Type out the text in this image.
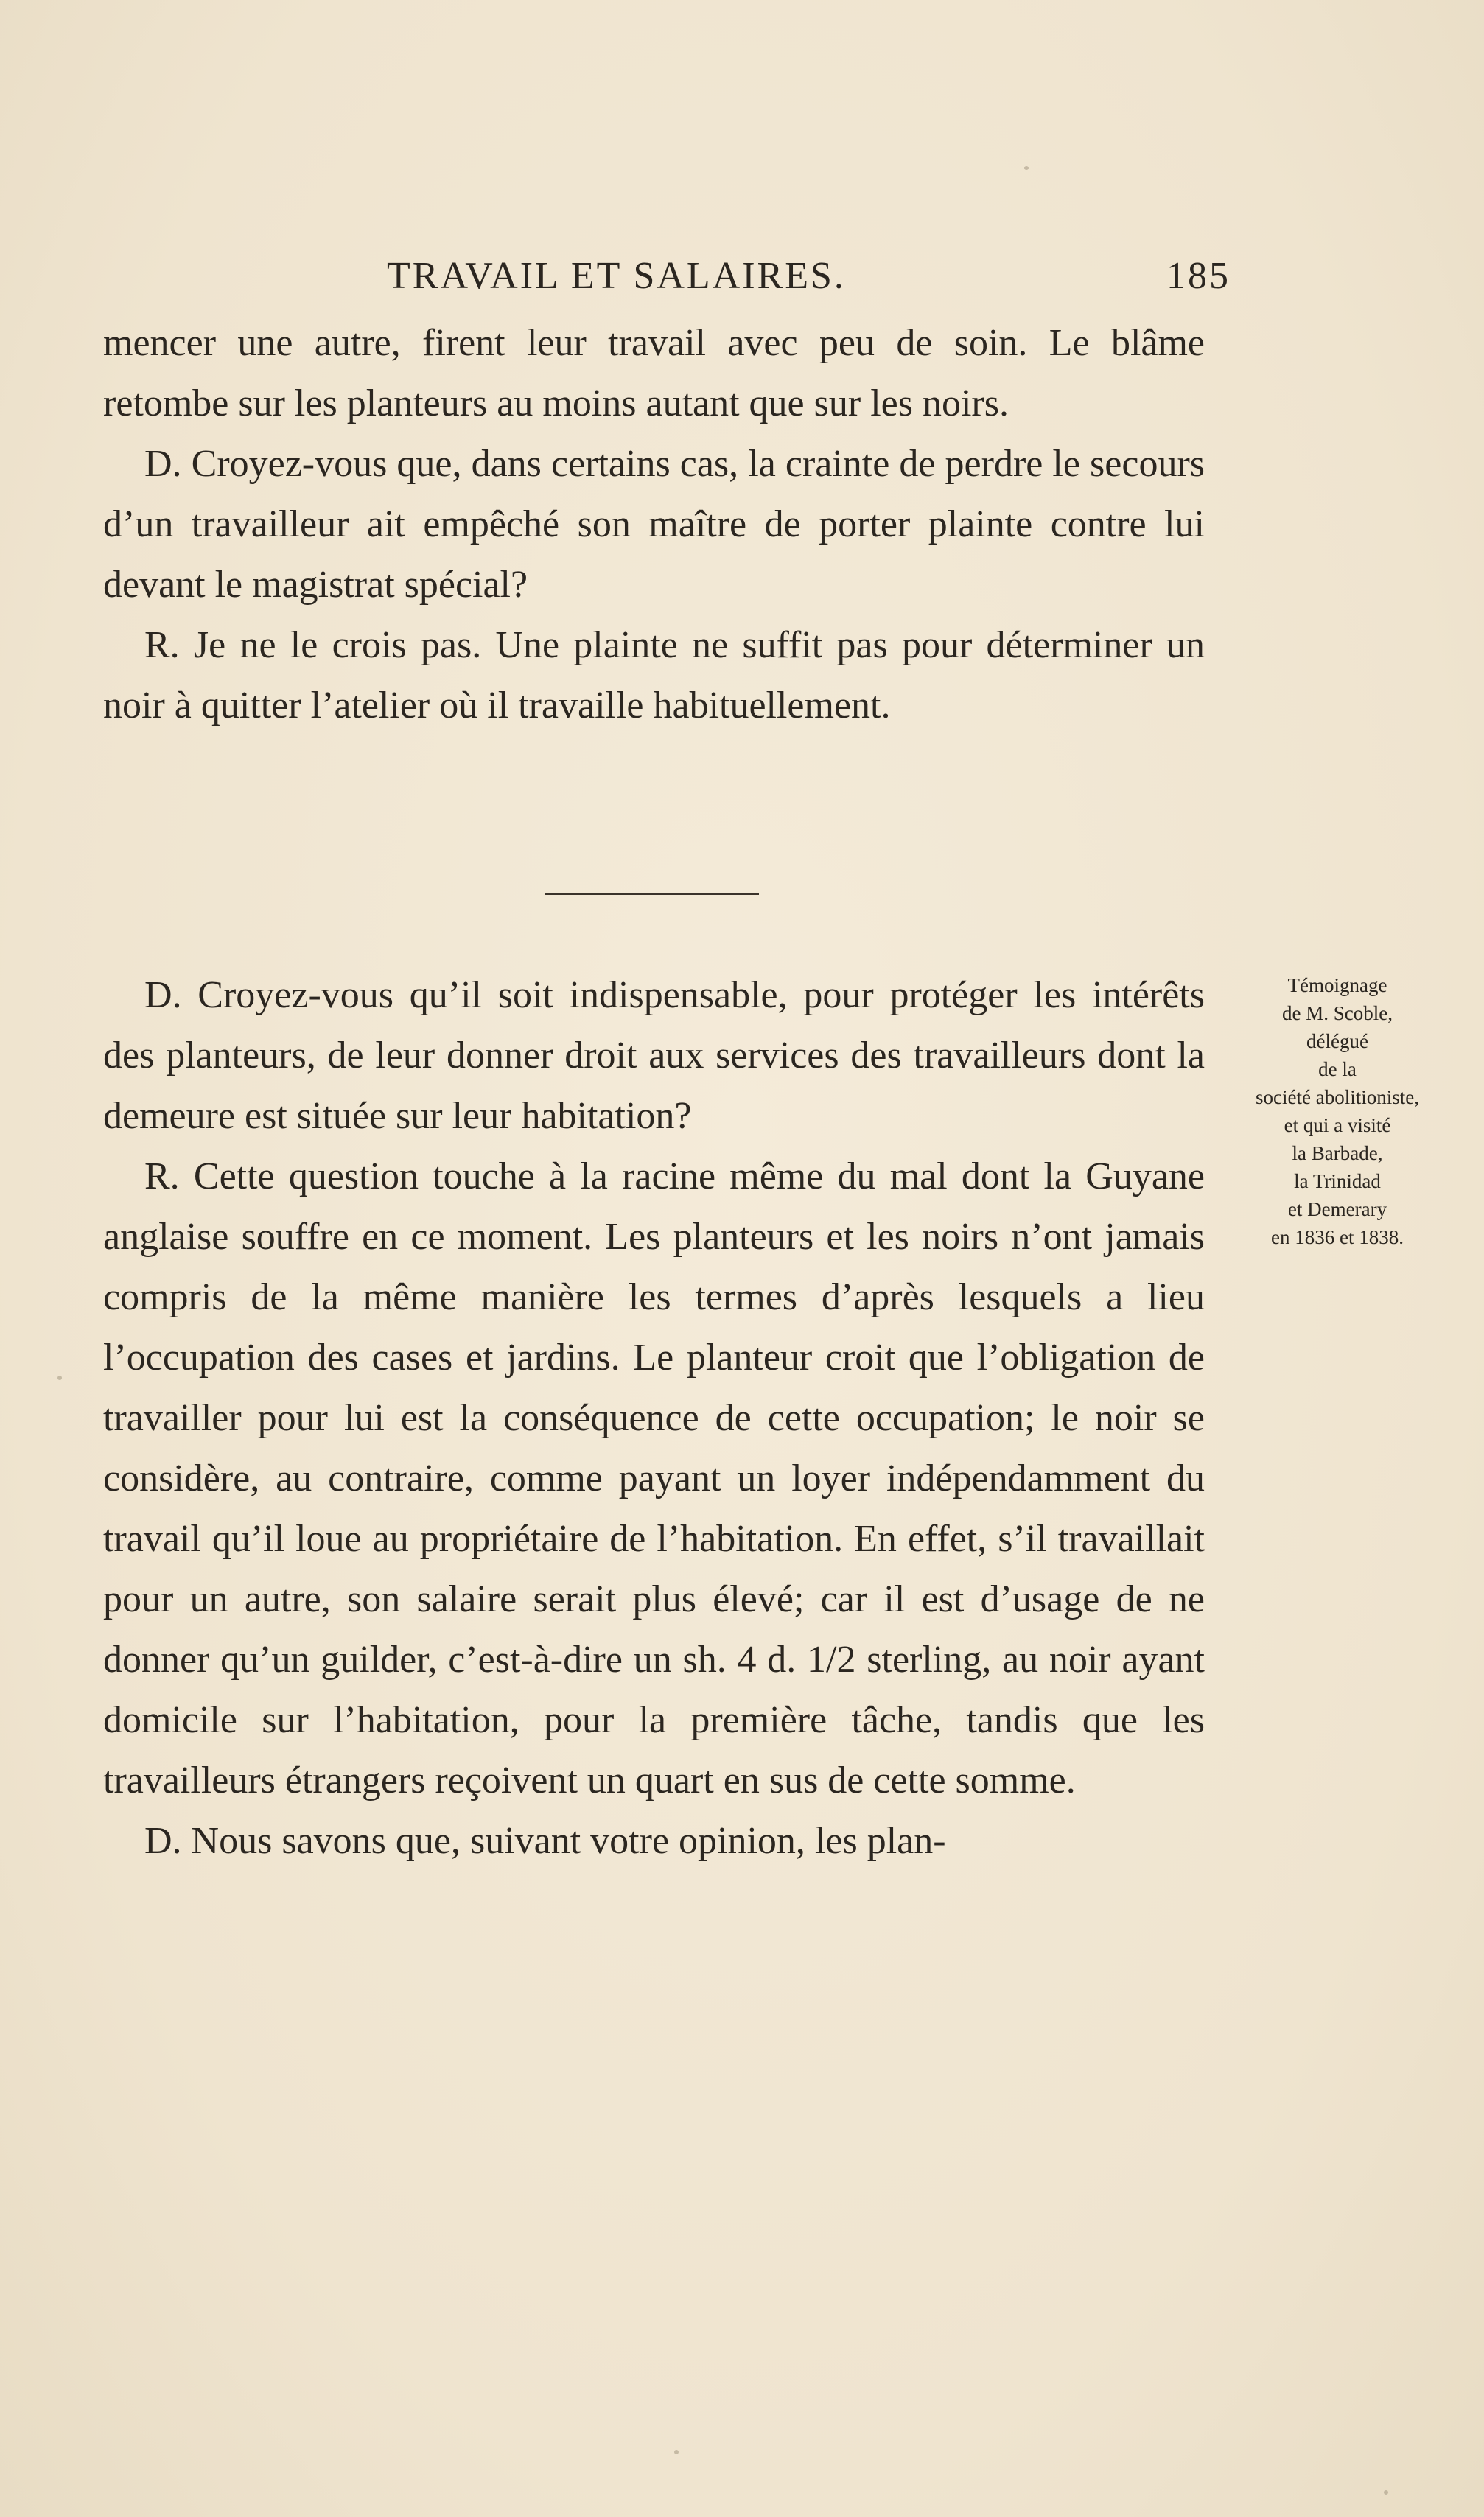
TRAVAIL ET SALAIRES.	185

mencer une autre, firent leur travail avec peu de soin. Le blâme retombe sur les planteurs au moins autant que sur les noirs.

D. Croyez-vous que, dans certains cas, la crainte de perdre le secours d’un travailleur ait empêché son maître de porter plainte contre lui devant le magistrat spécial?

R. Je ne le crois pas. Une plainte ne suffit pas pour déterminer un noir à quitter l’atelier où il travaille habituellement.

D. Croyez-vous qu’il soit indispensable, pour protéger les intérêts des planteurs, de leur donner droit aux services des travailleurs dont la demeure est située sur leur habitation?

R. Cette question touche à la racine même du mal dont la Guyane anglaise souffre en ce moment. Les planteurs et les noirs n’ont jamais compris de la même manière les termes d’après lesquels a lieu l’occupation des cases et jardins. Le planteur croit que l’obligation de travailler pour lui est la conséquence de cette occupation; le noir se considère, au contraire, comme payant un loyer indépendamment du travail qu’il loue au propriétaire de l’habitation. En effet, s’il travaillait pour un autre, son salaire serait plus élevé; car il est d’usage de ne donner qu’un guilder, c’est-à-dire un sh. 4 d. 1/2 sterling, au noir ayant domicile sur l’habitation, pour la première tâche, tandis que les travailleurs étrangers reçoivent un quart en sus de cette somme.

D. Nous savons que, suivant votre opinion, les plan-

Témoignage
de M. Scoble,
délégué
de la
société abolitioniste,
et qui a visité
la Barbade,
la Trinidad
et Demerary
en 1836 et 1838.
